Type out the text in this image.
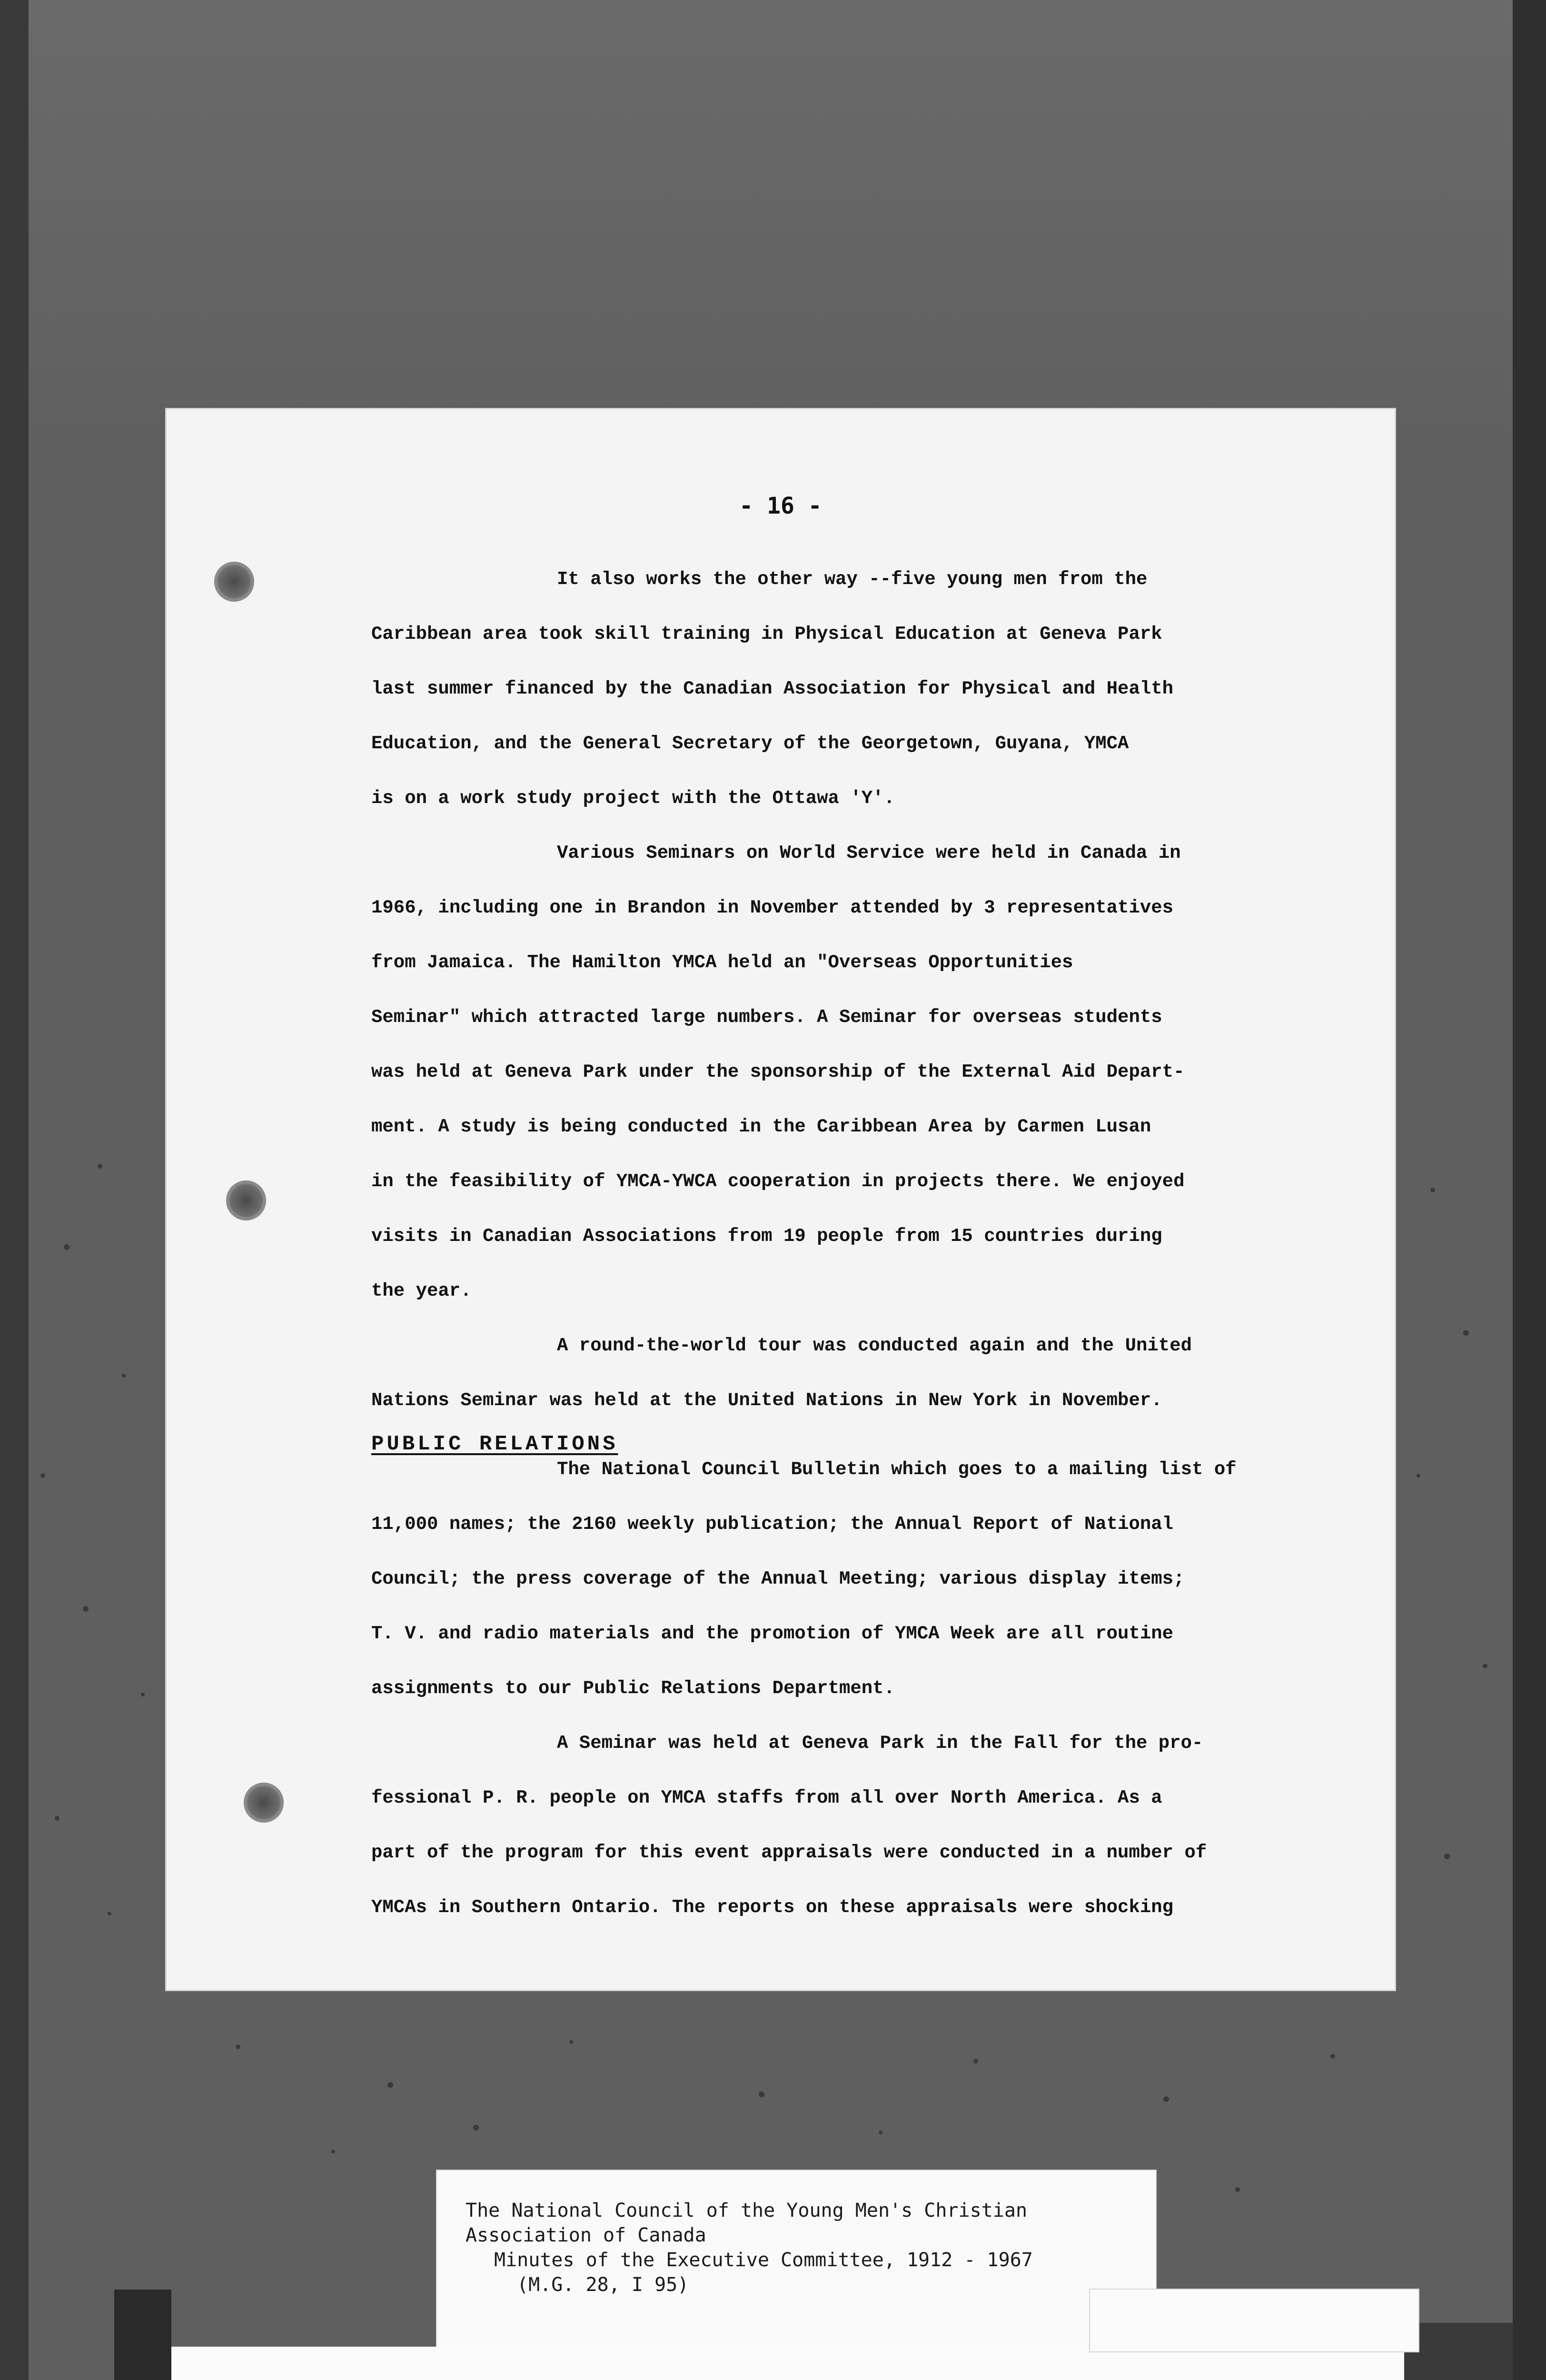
- 16 -
It also works the other way --five young men from the
Caribbean area took skill training in Physical Education at Geneva Park
last summer financed by the Canadian Association for Physical and Health
Education, and the General Secretary of the Georgetown, Guyana, YMCA
is on a work study project with the Ottawa 'Y'.
Various Seminars on World Service were held in Canada in
1966, including one in Brandon in November attended by 3 representatives
from Jamaica. The Hamilton YMCA held an "Overseas Opportunities
Seminar" which attracted large numbers. A Seminar for overseas students
was held at Geneva Park under the sponsorship of the External Aid Depart-
ment. A study is being conducted in the Caribbean Area by Carmen Lusan
in the feasibility of YMCA-YWCA cooperation in projects there. We enjoyed
visits in Canadian Associations from 19 people from 15 countries during
the year.
A round-the-world tour was conducted again and the United
Nations Seminar was held at the United Nations in New York in November.
PUBLIC RELATIONS
The National Council Bulletin which goes to a mailing list of
11,000 names; the 2160 weekly publication; the Annual Report of National
Council; the press coverage of the Annual Meeting; various display items;
T. V. and radio materials and the promotion of YMCA Week are all routine
assignments to our Public Relations Department.
A Seminar was held at Geneva Park in the Fall for the pro-
fessional P. R. people on YMCA staffs from all over North America. As a
part of the program for this event appraisals were conducted in a number of
YMCAs in Southern Ontario. The reports on these appraisals were shocking
The National Council of the Young Men's Christian
Association of Canada
Minutes of the Executive Committee, 1912 - 1967
(M.G. 28, I 95)
